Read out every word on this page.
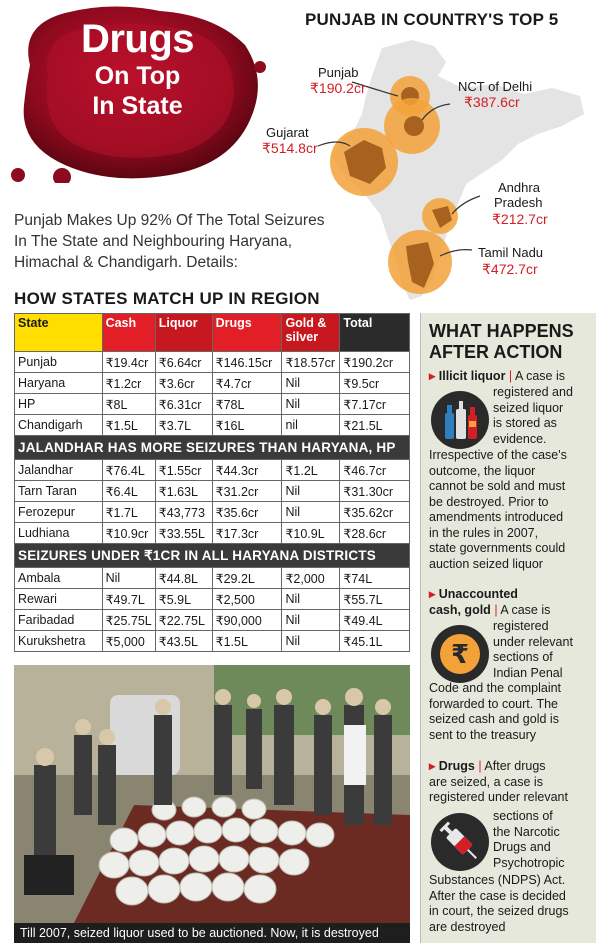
Drugs
On Top
In State
PUNJAB IN COUNTRY'S TOP 5
Punjab
₹190.2cr	NCT of Delhi
₹387.6cr
Gujarat
₹514.8cr
Andhra
Pradesh
₹212.7cr
Tamil Nadu
₹472.7cr
Punjab Makes Up 92% Of The Total Seizures
In The State and Neighbouring Haryana,
Himachal & Chandigarh. Details:
HOW STATES MATCH UP IN REGION
State	Cash	Liquor	Drugs	Gold &
silver	Total
Punjab	₹19.4cr	₹6.64cr	₹146.15cr	₹18.57cr	₹190.2cr
Haryana	₹1.2cr	₹3.6cr	₹4.7cr	Nil	₹9.5cr
HP	₹8L	₹6.31cr	₹78L	Nil	₹7.17cr
Chandigarh	₹1.5L	₹3.7L	₹16L	nil	₹21.5L
JALANDHAR HAS MORE SEIZURES THAN HARYANA, HP					
Jalandhar	₹76.4L	₹1.55cr	₹44.3cr	₹1.2L	₹46.7cr
Tarn Taran	₹6.4L	₹1.63L	₹31.2cr	Nil	₹31.30cr
Ferozepur	₹1.7L	₹43,773	₹35.6cr	Nil	₹35.62cr
Ludhiana	₹10.9cr	₹33.55L	₹17.3cr	₹10.9L	₹28.6cr
SEIZURES UNDER ₹1CR IN ALL HARYANA DISTRICTS					
Ambala	Nil	₹44.8L	₹29.2L	₹2,000	₹74L
Rewari	₹49.7L	₹5.9L	₹2,500	Nil	₹55.7L
Faribadad	₹25.75L	₹22.75L	₹90,000	Nil	₹49.4L
Kurukshetra	₹5,000	₹43.5L	₹1.5L	Nil	₹45.1L
Till 2007, seized liquor used to be auctioned. Now, it is destroyed
WHAT HAPPENS
AFTER ACTION
▸ Illicit liquor | A case is
registered and
seized liquor
is stored as
evidence.
Irrespective of the case's
outcome, the liquor
cannot be sold and must
be destroyed. Prior to
amendments introduced
in the rules in 2007,
state governments could
auction seized liquor
▸ Unaccounted
cash, gold | A case is
₹
registered
under relevant
sections of
Indian Penal
Code and the complaint
forwarded to court. The
seized cash and gold is
sent to the treasury
▸ Drugs | After drugs
are seized, a case is
registered under relevant
sections of
the Narcotic
Drugs and
Psychotropic
Substances (NDPS) Act.
After the case is decided
in court, the seized drugs
are destroyed
